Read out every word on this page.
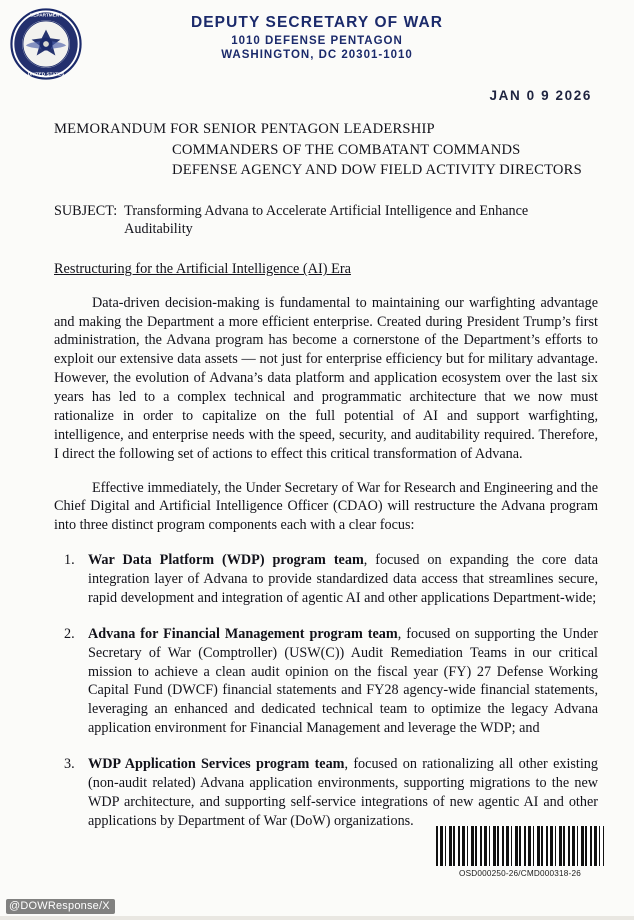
DEPARTMENT
UNITED STATES
DEPUTY SECRETARY OF WAR
1010 DEFENSE PENTAGON
WASHINGTON, DC 20301-1010
JAN 0 9 2026
MEMORANDUM FOR SENIOR PENTAGON LEADERSHIP
COMMANDERS OF THE COMBATANT COMMANDS
DEFENSE AGENCY AND DOW FIELD ACTIVITY DIRECTORS
SUBJECT: Transforming Advana to Accelerate Artificial Intelligence and Enhance Auditability
Restructuring for the Artificial Intelligence (AI) Era

Data-driven decision-making is fundamental to maintaining our warfighting advantage and making the Department a more efficient enterprise. Created during President Trump’s first administration, the Advana program has become a cornerstone of the Department’s efforts to exploit our extensive data assets — not just for enterprise efficiency but for military advantage. However, the evolution of Advana’s data platform and application ecosystem over the last six years has led to a complex technical and programmatic architecture that we now must rationalize in order to capitalize on the full potential of AI and support warfighting, intelligence, and enterprise needs with the speed, security, and auditability required. Therefore, I direct the following set of actions to effect this critical transformation of Advana.

Effective immediately, the Under Secretary of War for Research and Engineering and the Chief Digital and Artificial Intelligence Officer (CDAO) will restructure the Advana program into three distinct program components each with a clear focus:

War Data Platform (WDP) program team, focused on expanding the core data integration layer of Advana to provide standardized data access that streamlines secure, rapid development and integration of agentic AI and other applications Department-wide;
Advana for Financial Management program team, focused on supporting the Under Secretary of War (Comptroller) (USW(C)) Audit Remediation Teams in our critical mission to achieve a clean audit opinion on the fiscal year (FY) 27 Defense Working Capital Fund (DWCF) financial statements and FY28 agency-wide financial statements, leveraging an enhanced and dedicated technical team to optimize the legacy Advana application environment for Financial Management and leverage the WDP; and
WDP Application Services program team, focused on rationalizing all other existing (non-audit related) Advana application environments, supporting migrations to the new WDP architecture, and supporting self-service integrations of new agentic AI and other applications by Department of War (DoW) organizations.
OSD000250-26/CMD000318-26
@DOWResponse/X
